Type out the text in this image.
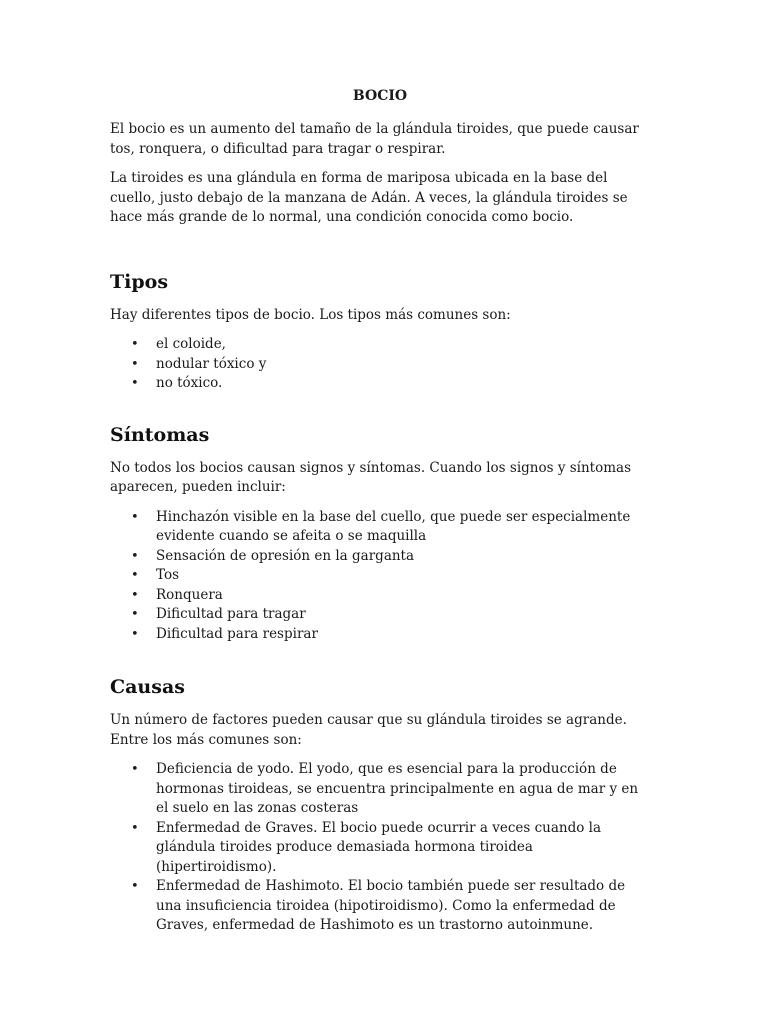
BOCIO

El bocio es un aumento del tamaño de la glándula tiroides, que puede causar tos, ronquera, o dificultad para tragar o respirar.

La tiroides es una glándula en forma de mariposa ubicada en la base del cuello, justo debajo de la manzana de Adán. A veces, la glándula tiroides se hace más grande de lo normal, una condición conocida como bocio.

Tipos

Hay diferentes tipos de bocio. Los tipos más comunes son:

• el coloide,
• nodular tóxico y
• no tóxico.
Síntomas

No todos los bocios causan signos y síntomas. Cuando los signos y síntomas aparecen, pueden incluir:

• Hinchazón visible en la base del cuello, que puede ser especialmente evidente cuando se afeita o se maquilla
• Sensación de opresión en la garganta
• Tos
• Ronquera
• Dificultad para tragar
• Dificultad para respirar
Causas

Un número de factores pueden causar que su glándula tiroides se agrande. Entre los más comunes son:

• Deficiencia de yodo. El yodo, que es esencial para la producción de hormonas tiroideas, se encuentra principalmente en agua de mar y en el suelo en las zonas costeras
• Enfermedad de Graves. El bocio puede ocurrir a veces cuando la glándula tiroides produce demasiada hormona tiroidea (hipertiroidismo).
• Enfermedad de Hashimoto. El bocio también puede ser resultado de una insuficiencia tiroidea (hipotiroidismo). Como la enfermedad de Graves, enfermedad de Hashimoto es un trastorno autoinmune.
